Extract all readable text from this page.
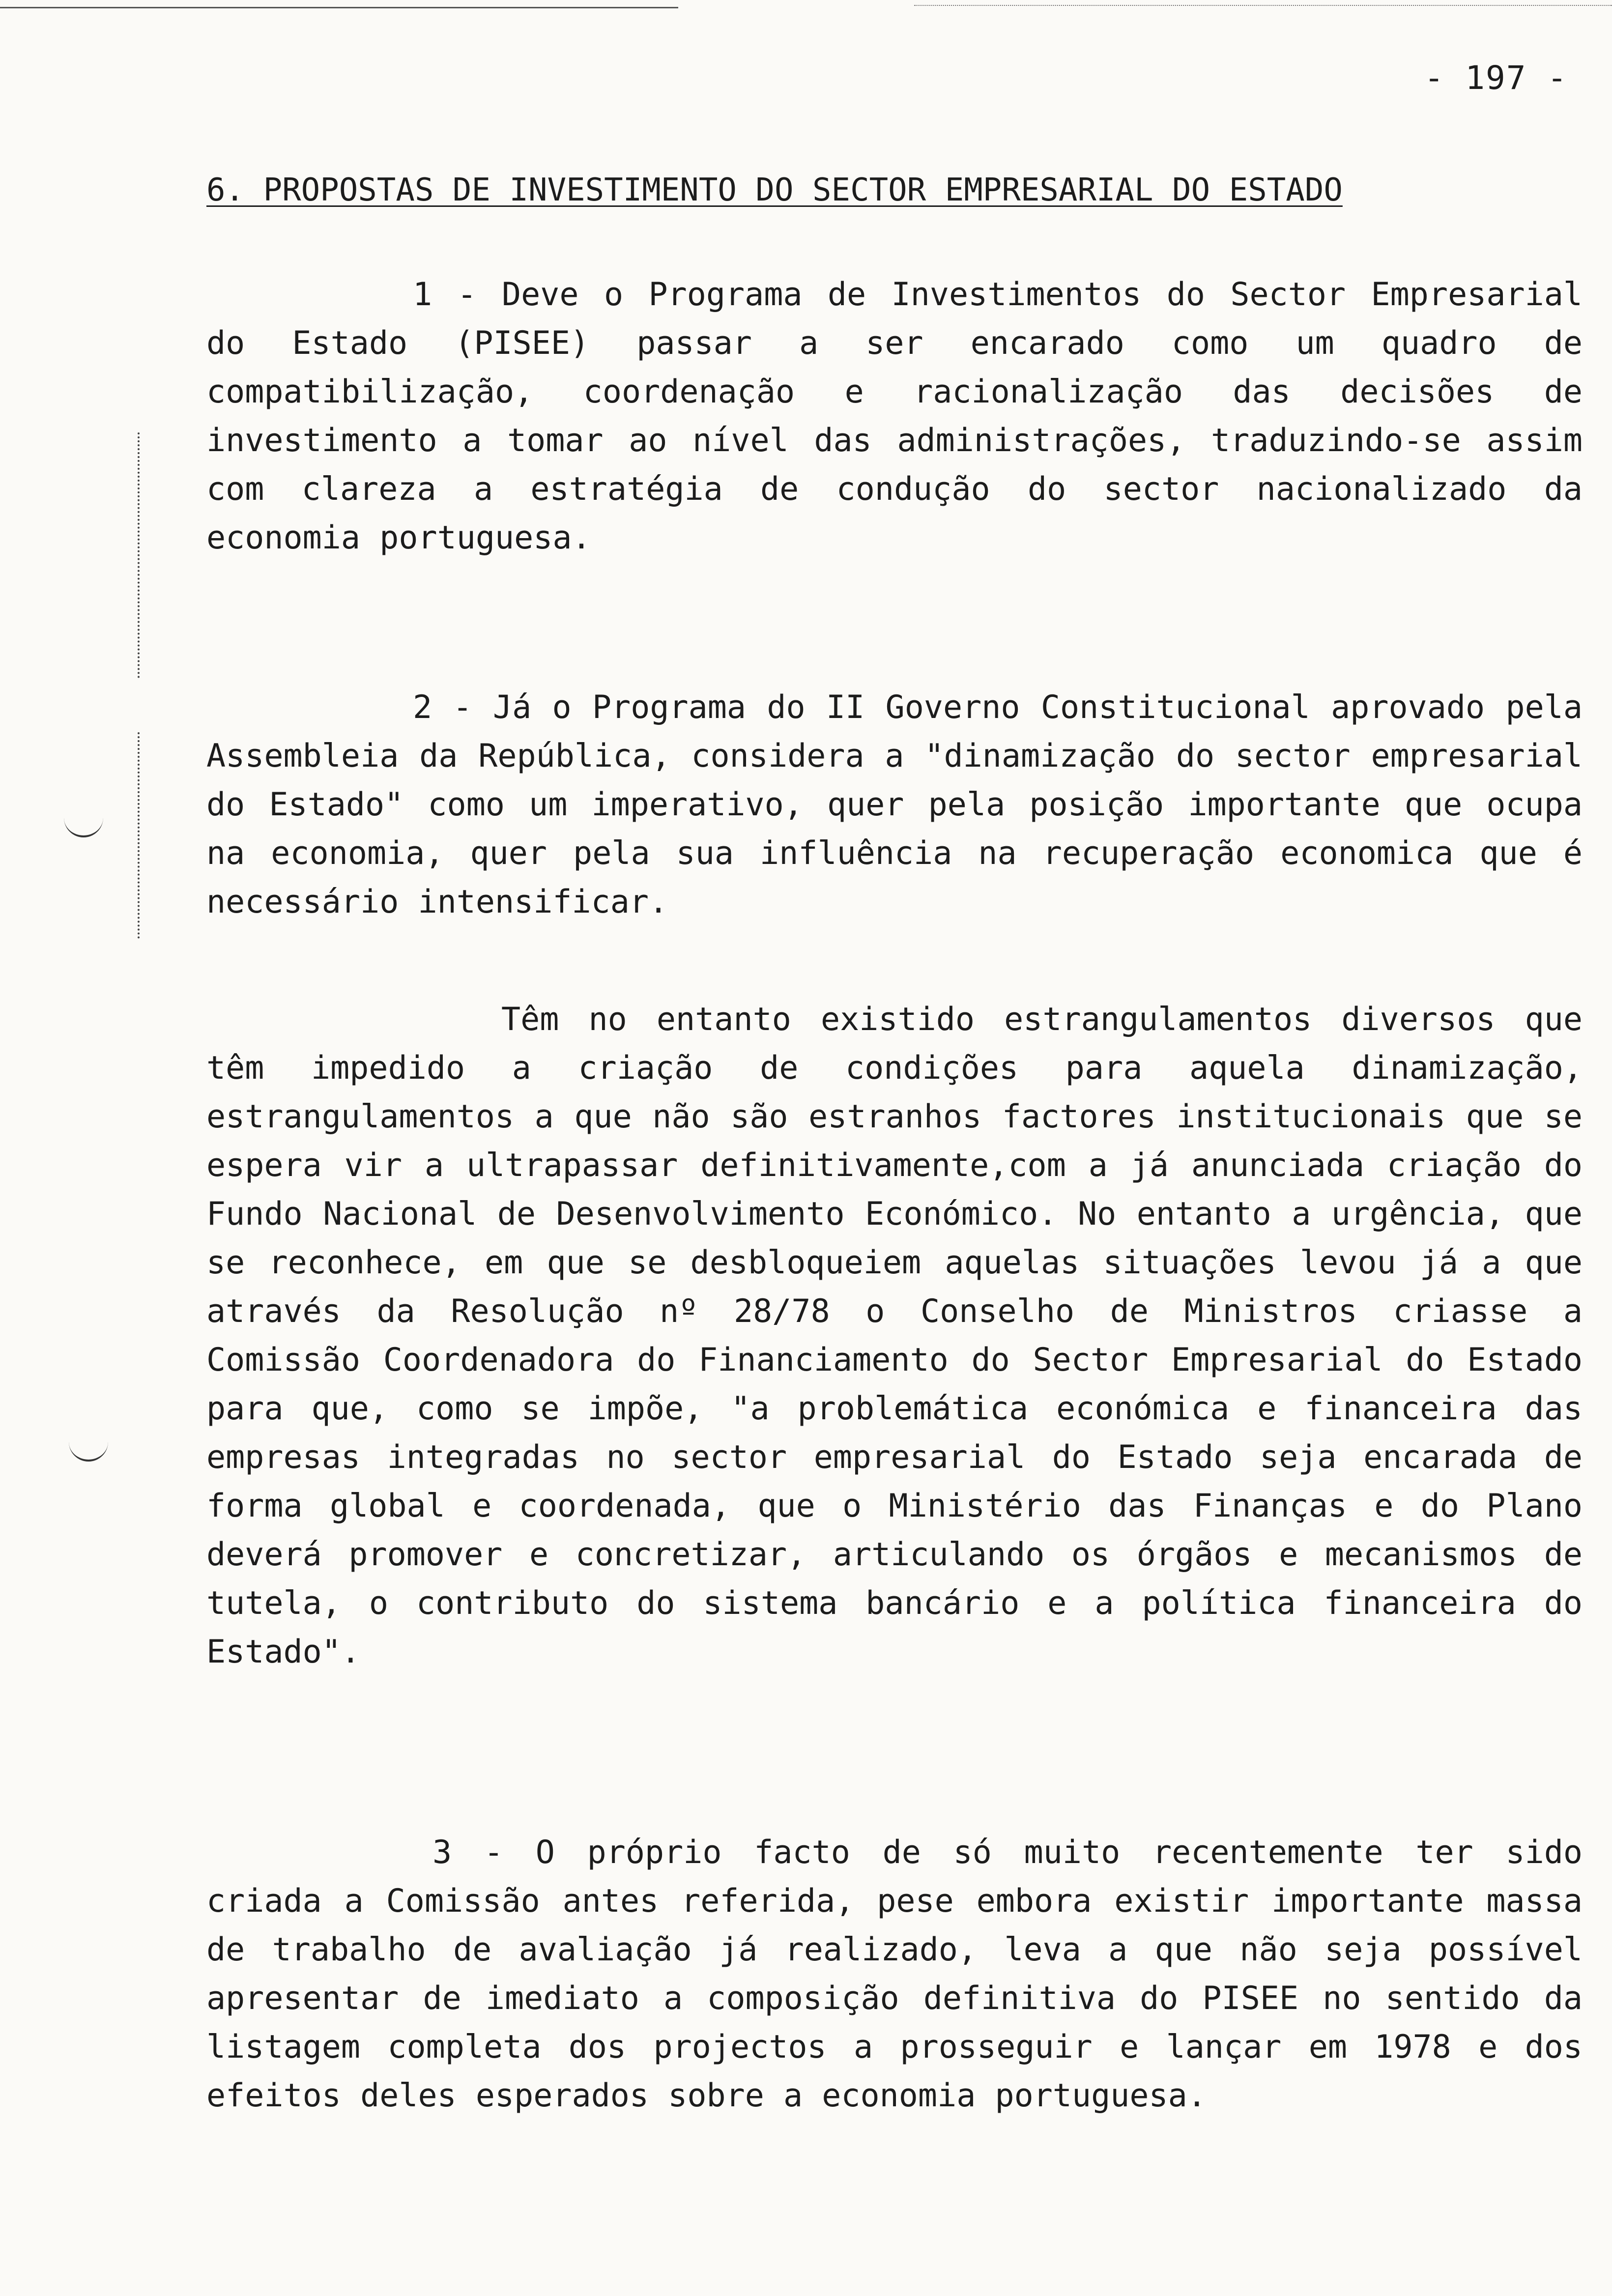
- 197 -
6. PROPOSTAS DE INVESTIMENTO DO SECTOR EMPRESARIAL DO ESTADO
1 - Deve o Programa de Investimentos do Sector Empresarial do Estado (PISEE) passar a ser encarado como um quadro de compatibilização, coordenação e racionalização das decisões de investimento a tomar ao nível das administrações, traduzindo-se assim com clareza a estratégia de condução do sector nacionalizado da economia portuguesa.
2 - Já o Programa do II Governo Constitucional aprovado pela Assembleia da República, considera a "dinamização do sector empresarial do Estado" como um imperativo, quer pela posição importante que ocupa na economia, quer pela sua influência na recuperação economica que é necessário intensificar.
Têm no entanto existido estrangulamentos diversos que têm impedido a criação de condições para aquela dinamização, estrangulamentos a que não são estranhos factores institucionais que se espera vir a ultrapassar definitivamente,com a já anunciada criação do Fundo Nacional de Desenvolvimento Económico. No entanto a urgência, que se reconhece, em que se desbloqueiem aquelas situações levou já a que através da Resolução nº 28/78 o Conselho de Ministros criasse a Comissão Coordenadora do Financiamento do Sector Empresarial do Estado para que, como se impõe, "a problemática económica e financeira das empresas integradas no sector empresarial do Estado seja encarada de forma global e coordenada, que o Ministério das Finanças e do Plano deverá promover e concretizar, articulando os órgãos e mecanismos de tutela, o contributo do sistema bancário e a política financeira do Estado".
3 - O próprio facto de só muito recentemente ter sido criada a Comissão antes referida, pese embora existir importante massa de trabalho de avaliação já realizado, leva a que não seja possível apresentar de imediato a composição definitiva do PISEE no sentido da listagem completa dos projectos a prosseguir e lançar em 1978 e dos efeitos deles esperados sobre a economia portuguesa.
